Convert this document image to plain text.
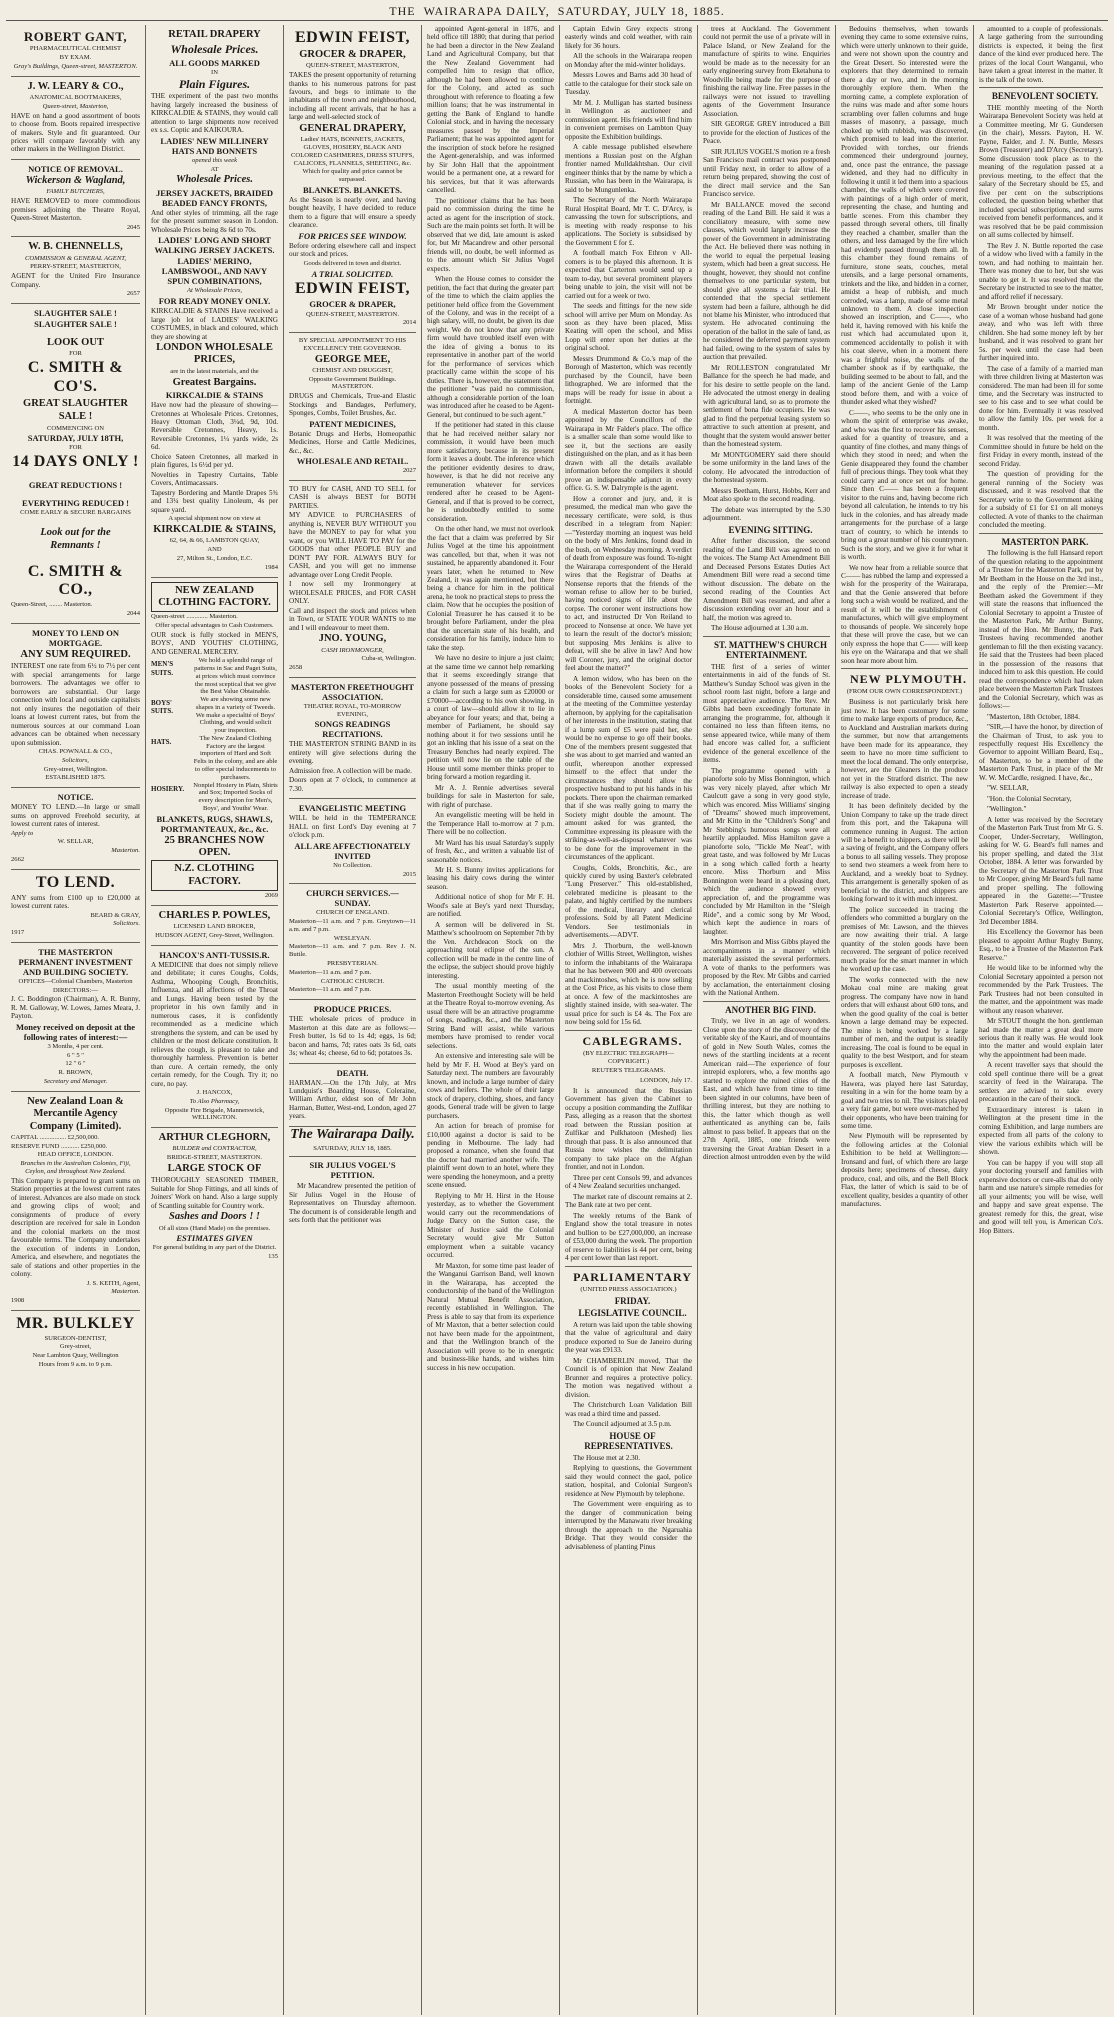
THE WAIRARAPA DAILY, SATURDAY, JULY 18, 1885.

ROBERT GANT,

PHARMACEUTICAL CHEMIST

BY EXAM.

Gray's Buildings, Queen-street, MASTERTON.

J. W. LEARY & CO.,

ANATOMICAL BOOTMAKERS,

Queen-street, Masterton,

HAVE on hand a good assortment of boots to choose from. Boots repaired irrespective of makers. Style and fit guaranteed. Our prices will compare favorably with any other makers in the Wellington District.

NOTICE OF REMOVAL.

Wickerson & Wagland,

FAMILY BUTCHERS,

HAVE REMOVED to more commodious premises adjoining the Theatre Royal, Queen-Street Masterton.

2045

W. B. CHENNELLS,

COMMISSION & GENERAL AGENT,

PERRY-STREET, MASTERTON,

AGENT for the United Fire Insurance Company.

2657

SLAUGHTER SALE !

SLAUGHTER SALE !

LOOK OUT

FOR

C. SMITH & CO'S.

GREAT SLAUGHTER

SALE !

COMMENCING ON

SATURDAY, JULY 18TH,

FOR

14 DAYS ONLY !

GREAT REDUCTIONS !

EVERYTHING REDUCED !

COME EARLY & SECURE BARGAINS

Look out for the

Remnants !

C. SMITH & CO.,

Queen-Street, ........ Masterton.

2044

MONEY TO LEND ON MORTGAGE.

ANY SUM REQUIRED.

INTEREST one rate from 6½ to 7½ per cent with special arrangements for large borrowers. The advantages we offer to borrowers are substantial. Our large connection with local and outside capitalists not only insures the negotiation of their loans at lowest current rates, but from the numerous sources at our command Loan advances can be obtained when necessary upon submission.

CHAS. POWNALL & CO.,

Solicitors,

Grey-street, Wellington.

ESTABLISHED 1875.

NOTICE.

MONEY TO LEND.—In large or small sums on approved Freehold security, at lowest current rates of interest.

Apply to

W. SELLAR,

Masterton.

2662

TO LEND.

ANY sums from £100 up to £20,000 at lowest current rates.

BEARD & GRAY,

Solicitors.

1917

THE MASTERTON PERMANENT INVESTMENT AND BUILDING SOCIETY.

OFFICES—Colonial Chambers, Masterton

DIRECTORS:—

J. C. Boddington (Chairman), A. R. Bunny, R. M. Galloway, W. Lowes, James Meara, J. Payton.

Money received on deposit at the following rates of interest:—

3 Months, 4 per cent.

6 " 5 "

12 " 6 "

R. BROWN,

Secretary and Manager.

New Zealand Loan & Mercantile Agency Company (Limited).

CAPITAL ................ £2,500,000.

RESERVE FUND ........... £250,000.

HEAD OFFICE, LONDON.

Branches in the Australian Colonies, Fiji, Ceylon, and throughout New Zealand.

This Company is prepared to grant sums on Station properties at the lowest current rates of interest. Advances are also made on stock and growing clips of wool; and consignments of produce of every description are received for sale in London and the colonial markets on the most favourable terms. The Company undertakes the execution of indents in London, America, and elsewhere, and negotiates the sale of stations and other properties in the colony.

J. S. KEITH, Agent,

Masterton.

1908

MR. BULKLEY

SURGEON-DENTIST,

Grey-street,

Near Lambton Quay, Wellington

Hours from 9 a.m. to 9 p.m.

RETAIL DRAPERY

Wholesale Prices.

ALL GOODS MARKED

IN

Plain Figures.

THE experiment of the past two months having largely increased the business of KIRKCALDIE & STAINS, they would call attention to large shipments now received ex s.s. Coptic and KAIKOURA.

LADIES' NEW MILLINERY HATS AND BONNETS

opened this week

AT

Wholesale Prices.

JERSEY JACKETS, BRAIDED BEADED FANCY FRONTS,

And other styles of trimming, all the rage for the present summer season in London. Wholesale Prices being 8s 6d to 70s.

LADIES' LONG AND SHORT WALKING JERSEY JACKETS.

LADIES' MERINO, LAMBSWOOL, AND NAVY SPUN COMBINATIONS,

At Wholesale Prices,

FOR READY MONEY ONLY.

KIRKCALDIE & STAINS Have received a large job lot of LADIES' WALKING COSTUMES, in black and coloured, which they are showing at

LONDON WHOLESALE PRICES,

are in the latest materials, and the

Greatest Bargains.

KIRKCALDIE & STAINS

Have now had the pleasure of showing—Cretonnes at Wholesale Prices. Cretonnes, Heavy Ottoman Cloth, 3¼d, 9d, 10d. Reversible Cretonnes, Heavy, 1s. Reversible Cretonnes, 1¼ yards wide, 2s 6d.

Choice Sateen Cretonnes, all marked in plain figures, 1s 6½d per yd.

Novelties in Tapestry Curtains, Table Covers, Antimacassars.

Tapestry Bordering and Mantle Drapes 5¾ and 13¼ best quality Linoleum, 4s per square yard.

A special shipment now on view at

KIRKCALDIE & STAINS,

62, 64, & 66, LAMBTON QUAY,

AND

27, Milton St., London, E.C.

1984

NEW ZEALAND CLOTHING FACTORY.

Queen-street ............. Masterton.

Offer special advantages to Cash Customers.

OUR stock is fully stocked in MEN'S, BOYS', AND YOUTHS' CLOTHING, AND GENERAL MERCERY.

MEN'S SUITS.
We hold a splendid range of patterns in Sac and Paget Suits, at prices which must convince the most sceptical that we give the Best Value Obtainable.
BOYS' SUITS.
We are showing some new shapes in a variety of Tweeds. We make a specialité of Boys' Clothing, and would solicit your inspection.
HATS.	The New Zealand Clothing Factory are the largest importers of Hard and Soft Felts in the colony, and are able to offer special inducements to purchasers.
HOSIERY.	Nonpiel Hosiery in Plain, Shirts and Sox; Imported Socks of every description for Men's, Boys', and Youths' Wear.

BLANKETS, RUGS, SHAWLS, PORTMANTEAUX, &c., &c.

25 BRANCHES NOW OPEN.

N.Z. CLOTHING FACTORY.

2069

CHARLES P. POWLES,

LICENSED LAND BROKER,

HUDSON AGENT, Grey-Street, Wellington.

HANCOX'S ANTI-TUSSIS.R.

A MEDICINE that does not simply relieve and debilitate; it cures Coughs, Colds, Asthma, Whooping Cough, Bronchitis, Influenza, and all affections of the Throat and Lungs. Having been tested by the proprietor in his own family and in numerous cases, it is confidently recommended as a medicine which strengthens the system, and can be used by children or the most delicate constitution. It relieves the cough, is pleasant to take and thoroughly harmless. Prevention is better than cure. A certain remedy, the only certain remedy, for the Cough. Try it; no cure, no pay.

J. HANCOX,

To Also Pharmacy,

Opposite Fire Brigade, Mannerswick, WELLINGTON.

ARTHUR CLEGHORN,

BUILDER and CONTRACTOR,

BRIDGE-STREET, MASTERTON.

LARGE STOCK OF

THOROUGHLY SEASONED TIMBER, Suitable for Shop Fittings, and all kinds of Joiners' Work on hand. Also a large supply of Scantling suitable for Country work.

Sashes and Doors ! !

Of all sizes (Hand Made) on the premises.

ESTIMATES GIVEN

For general building in any part of the District.

135

EDWIN FEIST,

GROCER & DRAPER,

QUEEN-STREET, MASTERTON,

TAKES the present opportunity of returning thanks to his numerous patrons for past favours, and begs to intimate to the inhabitants of the town and neighbourhood, including all recent arrivals, that he has a large and well-selected stock of

GENERAL DRAPERY,

Ladies' HATS, BONNETS, JACKETS, GLOVES, HOSIERY, BLACK AND COLORED CASHMERES, DRESS STUFFS, CALICOES, FLANNELS, SHEETING, &c.

Which for quality and price cannot be surpassed.

BLANKETS. BLANKETS.

As the Season is nearly over, and having bought heavily, I have decided to reduce them to a figure that will ensure a speedy clearance.

FOR PRICES SEE WINDOW.

Before ordering elsewhere call and inspect our stock and prices.

Goods delivered in town and district.

A TRIAL SOLICITED.

EDWIN FEIST,

GROCER & DRAPER,

QUEEN-STREET, MASTERTON.

2014

BY SPECIAL APPOINTMENT TO HIS EX'CELLENCY THE GOVERNOR.

GEORGE MEE,

CHEMIST AND DRUGGIST,

Opposite Government Buildings. MASTERTON.

DRUGS and Chemicals, True-and Elastic Stockings and Bandages, Perfumery, Sponges, Combs, Toilet Brushes, &c.

PATENT MEDICINES,

Botanic Drugs and Herbs, Homeopathic Medicines, Horse and Cattle Medicines, &c., &c.

WHOLESALE AND RETAIL.

2027

TO BUY for CASH, AND TO SELL for CASH is always BEST for BOTH PARTIES.

MY ADVICE to PURCHASERS of anything is, NEVER BUY WITHOUT you have the MONEY to pay for what you want, or you WILL HAVE TO PAY for the GOODS that other PEOPLE BUY and DON'T PAY FOR. ALWAYS BUY for CASH, and you will get no immense advantage over Long Credit People.

I now sell my Ironmongery at WHOLESALE PRICES, and FOR CASH ONLY.

Call and inspect the stock and prices when in Town, or STATE YOUR WANTS to me and I will endeavour to meet them.

JNO. YOUNG,

CASH IRONMONGER,

Cuba-st, Wellington.

2658

MASTERTON FREETHOUGHT ASSOCIATION.

THEATRE ROYAL, TO-MORROW EVENING,

SONGS READINGS RECITATIONS.

THE MASTERTON STRING BAND in its entirety will give selections during the evening.

Admission free. A collection will be made.

Doors open at 7 o'clock, to commence at 7.30.

EVANGELISTIC MEETING

WILL be held in the TEMPERANCE HALL on first Lord's Day evening at 7 o'clock p.m.

ALL ARE AFFECTIONATELY INVITED

No Collection.

2015

CHURCH SERVICES.—SUNDAY.

CHURCH OF ENGLAND.

Masterton—11 a.m. and 7 p.m. Greytown—11 a.m. and 7 p.m.

WESLEYAN.

Masterton—11 a.m. and 7 p.m. Rev J. N. Buttle.

PRESBYTERIAN.

Masterton—11 a.m. and 7 p.m.

CATHOLIC CHURCH.

Masterton—11 a.m. and 7 p.m.

PRODUCE PRICES.

THE wholesale prices of produce in Masterton at this date are as follows:—Fresh butter, 1s 6d to 1s 4d; eggs, 1s 6d; bacon and hams, 7d; rates oats 3s 6d, oats 3s; wheat 4s; cheese, 6d to 6d; potatoes 3s.

DEATH.

HARMAN.—On the 17th July, at Mrs Lundquist's Boarding House, Coleraine, William Arthur, eldest son of Mr John Harman, Butter, West-end, London, aged 27 years.

The Wairarapa Daily.

SATURDAY, JULY 18, 1885.

SIR JULIUS VOGEL'S PETITION.

Mr Macandrew presented the petition of Sir Julius Vogel in the House of Representatives on Thursday afternoon. The document is of considerable length and sets forth that the petitioner was

appointed Agent-general in 1876, and held office till 1880; that during that period he had been a director in the New Zealand Land and Agricultural Company, but that the New Zealand Government had compelled him to resign that office, although he had been allowed to continue for the Colony, and acted as such throughout with reference to floating a few million loans; that he was instrumental in getting the Bank of England to handle Colonial stock, and in having the necessary measures passed by the Imperial Parliament; that he was appointed agent for the inscription of stock before he resigned the Agent-generalship, and was informed by Sir John Hall that the appointment would be a permanent one, at a reward for his services, but that it was afterwards cancelled.

The petitioner claims that he has been paid no commission during the time he acted as agent for the inscription of stock. Such are the main points set forth. It will be observed that we did, late amount is asked for, but Mr Macandrew and other personal friends will, no doubt, be well informed as to the amount which Sir Julius Vogel expects.

When the House comes to consider the petition, the fact that during the greater part of the time to which the claim applies the petitioner held office from the Government of the Colony, and was in the receipt of a high salary, will, no doubt, be given its due weight. We do not know that any private firm would have troubled itself even with the idea of giving a bonus to its representative in another part of the world for the performance of services which practically came within the scope of his duties. There is, however, the statement that the petitioner "was paid no commission, although a considerable portion of the loan was introduced after he ceased to be Agent-General, but continued to be such agent."

If the petitioner had stated in this clause that he had received neither salary nor commission, it would have been much more satisfactory, because in its present form it leaves a doubt. The inference which the petitioner evidently desires to draw, however, is that he did not receive any remuneration whatever for services rendered after he ceased to be Agent-General, and if that is proved to be correct, he is undoubtedly entitled to some consideration.

On the other hand, we must not overlook the fact that a claim was preferred by Sir Julius Vogel at the time his appointment was cancelled, but that, when it was not sustained, he apparently abandoned it. Four years later, when he returned to New Zealand, it was again mentioned, but there being a chance for him in the political arena, he took no practical steps to press the claim. Now that he occupies the position of Colonial Treasurer he has caused it to be brought before Parliament, under the plea that the uncertain state of his health, and consideration for his family, induce him to take the step.

We have no desire to injure a just claim; at the same time we cannot help remarking that it seems exceedingly strange that anyone possessed of the means of pressing a claim for such a large sum as £20000 or £70000—according to his own showing, in a court of law—should allow it to lie in abeyance for four years; and that, being a member of Parliament, he should say nothing about it for two sessions until he got an inkling that his issue of a seat on the Treasury Benches had nearly expired. The petition will now lie on the table of the House until some member thinks proper to bring forward a motion regarding it.

Mr A. J. Rennie advertises several buildings for sale in Masterton for sale, with right of purchase.

An evangelistic meeting will be held in the Temperance Hall to-morrow at 7 p.m. There will be no collection.

Mr Ward has his usual Saturday's supply of fresh, &c., and written a valuable list of seasonable notices.

Mr H. S. Bunny invites applications for leasing his dairy cows during the winter season.

Additional notice of shop for Mr F. H. Wood's sale at Bey's yard next Thursday, are notified.

A sermon will be delivered in St. Matthew's schoolroom on September 7th by the Ven. Archdeacon Stock on the approaching total eclipse of the sun. A collection will be made in the centre line of the eclipse, the subject should prove highly interesting.

The usual monthly meeting of the Masterton Freethought Society will be held at the Theatre Royal to-morrow evening. As usual there will be an attractive programme of songs, readings, &c., and the Masterton String Band will assist, while various members have promised to render vocal selections.

An extensive and interesting sale will be held by Mr F. H. Wood at Bey's yard on Saturday next. The numbers are favourably known, and include a large number of dairy cows and heifers. The whole of their large stock of drapery, clothing, shoes, and fancy goods, General trade will be given to large purchasers.

An action for breach of promise for £10,000 against a doctor is said to be pending in Melbourne. The lady had proposed a romance, when she found that the doctor had married another wife. The plaintiff went down to an hotel, where they were spending the honeymoon, and a pretty scene ensued.

Replying to Mr H. Hirst in the House yesterday, as to whether the Government would carry out the recommendations of Judge Darcy on the Sutton case, the Minister of Justice said the Colonial Secretary would give Mr Sutton employment when a suitable vacancy occurred.

Mr Maxton, for some time past leader of the Wanganui Garrison Band, well known in the Wairarapa, has accepted the conductorship of the band of the Wellington Natural Mutual Benefit Association, recently established in Wellington. The Press is able to say that from its experience of Mr Maxton, that a better selection could not have been made for the appointment, and that the Wellington branch of the Association will prove to be in energetic and business-like hands, and wishes him success in his new occupation.

Captain Edwin Grey expects strong easterly winds and cold weather, with rain likely for 36 hours.

All the schools in the Wairarapa reopen on Monday after the mid-winter holidays.

Messrs Lowes and Barns add 30 head of cattle to the catalogue for their stock sale on Tuesday.

Mr M. J. Mulligan has started business in Wellington as auctioneer and commission agent. His friends will find him in convenient premises on Lambton Quay opposite the Exhibition buildings.

A cable message published elsewhere mentions a Russian post on the Afghan frontier named Mulldakhtshan. Our civil engineer thinks that by the name by which a Russian, who has been in the Wairarapa, is said to be Mungunlenka.

The Secretary of the North Wairarapa Rural Hospital Board, Mr T. C. D'Arcy, is canvassing the town for subscriptions, and is meeting with ready response to his applications. The Society is subsidised by the Government £ for £.

A football match Fox Ethron v All-comers is to be played this afternoon. It is expected that Carterton would send up a team to-day, but several prominent players being unable to join, the visit will not be carried out for a week or two.

The seeds and fittings for the new side school will arrive per Mum on Monday. As soon as they have been placed, Miss Keating will open the school, and Miss Lopp will enter upon her duties at the original school.

Messrs Drummond & Co.'s map of the Borough of Masterton, which was recently purchased by the Council, have been lithographed. We are informed that the maps will be ready for issue in about a fortnight.

A medical Masterton doctor has been appointed by the Councillors of the Wairarapa in Mr Falder's place. The office is a smaller scale than some would like to see it, but the sections are easily distinguished on the plan, and as it has been drawn with all the details available information before the compilers it should prove an indispensable adjunct in every office. G. S. W. Dalrymple is the agent.

How a coroner and jury, and, it is presumed, the medical man who gave the necessary certificate, were sold, is thus described in a telegram from Napier:—"Yesterday morning an inquest was held on the body of Mrs Jenkins, found dead in the bush, on Wednesday morning. A verdict of death from exposure was found. To-night the Wairarapa correspondent of the Herald wires that the Registrar of Deaths at Nonsense reports that the friends of the woman refuse to allow her to be buried, having noticed signs of life about the corpse. The coroner went instructions how to act, and instructed Dr Von Reiland to proceed to Nonsense at once. We have yet to learn the result of the doctor's mission; but supposing Mrs Jenkins is alive to defeat, will she be alive in law? And how will Coroner, jury, and the original doctor feel about the matter?"

A lemon widow, who has been on the books of the Benevolent Society for a considerable time, caused some amusement at the meeting of the Committee yesterday afternoon, by applying for the capitalisation of her interests in the institution, stating that if a lump sum of £5 were paid her, she would be no expense to go off their books. One of the members present suggested that she was about to get married and wanted an outfit, whereupon another expressed himself to the effect that under the circumstances they should allow the prospective husband to put his hands in his pockets. There upon the chairman remarked that if she was really going to marry the Society might double the amount. The amount asked for was granted, the Committee expressing its pleasure with the striking-as-well-as-disposal whatever was to be done for the improvement in the circumstances of the applicant.

Coughs, Colds, Bronchitis, &c., are quickly cured by using Baxter's celebrated "Lung Preserver." This old-established, celebrated medicine is pleasant to the palate, and highly certified by the numbers of the medical, literary and clerical professions. Sold by all Patent Medicine Vendors. See testimonials in advertisements.—ADVT.

Mrs J. Thorburn, the well-known clothier of Willis Street, Wellington, wishes to inform the inhabitants of the Wairarapa that he has between 900 and 400 overcoats and mackintoshes, which he is now selling at the Cost Price, as his visits to close them at once. A few of the mackintoshes are slightly stained inside, with sea-water. The usual price for such is £4 4s. The Fox are now being sold for 15s 6d.

CABLEGRAMS.

(BY ELECTRIC TELEGRAPH—COPYRIGHT.)

REUTER'S TELEGRAMS.

LONDON, July 17.

It is announced that the Russian Government has given the Cabinet to occupy a position commanding the Zulfikar Pass, alleging as a reason that the shortest road between the Russian position at Zulfikar and Pulkhatoon (Meshed) lies through that pass. It is also announced that Russia now wishes the delimitation company to take place on the Afghan frontier, and not in London.

Three per cent Consols 99, and advances of 4 New Zealand securities unchanged.

The market rate of discount remains at 2. The Bank rate at two per cent.

The weekly returns of the Bank of England show the total treasure in notes and bullion to be £27,000,000, an increase of £53,000 during the week. The proportion of reserve to liabilities is 44 per cent, being 4 per cent lower than last report.

PARLIAMENTARY

(UNITED PRESS ASSOCIATION.)

FRIDAY.

LEGISLATIVE COUNCIL.

A return was laid upon the table showing that the value of agricultural and dairy produce exported to Sue de Janeiro during the year was £9133.

Mr CHAMBERLIN moved, That the Council is of opinion that New Zealand Brunner and requires a protective policy. The motion was negatived without a division.

The Christchurch Loan Validation Bill was read a third time and passed.

The Council adjourned at 3.5 p.m.

HOUSE OF REPRESENTATIVES.

The House met at 2.30.

Replying to questions, the Government said they would connect the gaol, police station, hospital, and Colonial Surgeon's residence at New Plymouth by telephone.

The Government were enquiring as to the danger of communication being interrupted by the Manawatu river breaking through the approach to the Ngaruahia Bridge. That they would consider the advisableness of planting Pinus

trees at Auckland. The Government could not permit the use of a private will in Palace Island, or New Zealand for the manufacture of spirits to wine. Enquiries would be made as to the necessity for an early engineering survey from Eketahuna to Woodville being made for the purpose of finishing the railway line. Free passes in the railways were not issued to travelling agents of the Government Insurance Association.

SIR GEORGE GREY introduced a Bill to provide for the election of Justices of the Peace.

SIR JULIUS VOGEL'S motion re a fresh San Francisco mail contract was postponed until Friday next, in order to allow of a return being prepared, showing the cost of the direct mail service and the San Francisco service.

Mr BALLANCE moved the second reading of the Land Bill. He said it was a conciliatory measure, with some new clauses, which would largely increase the power of the Government in administrating the Act. He believed there was nothing in the world to equal the perpetual leasing system, which had been a great success. He thought, however, they should not confine themselves to one particular system, but should give all systems a fair trial. He contended that the special settlement system had been a failure, although he did not blame his Minister, who introduced that system. He advocated continuing the operation of the ballot in the sale of land, as he considered the deferred payment system had failed, owing to the system of sales by auction that prevailed.

Mr ROLLESTON congratulated Mr Ballance for the speech he had made, and for his desire to settle people on the land. He advocated the utmost energy in dealing with agricultural land, so as to promote the settlement of bona fide occupiers. He was glad to find the perpetual leasing system so attractive to such attention at present, and thought that the system would answer better than the homestead system.

Mr MONTGOMERY said there should be some uniformity in the land laws of the colony. He advocated the introduction of the homestead system.

Messrs Beetham, Hurst, Hobbs, Kerr and Moat also spoke to the second reading.

The debate was interrupted by the 5.30 adjournment.

EVENING SITTING.

After further discussion, the second reading of the Land Bill was agreed to on the voices. The Stamp Act Amendment Bill and Deceased Persons Estates Duties Act Amendment Bill were read a second time without discussion. The debate on the second reading of the Counties Act Amendment Bill was resumed, and after a discussion extending over an hour and a half, the motion was agreed to.

The House adjourned at 1.30 a.m.

ST. MATTHEW'S CHURCH ENTERTAINMENT.

THE first of a series of winter entertainments in aid of the funds of St. Matthew's Sunday School was given in the school room last night, before a large and most appreciative audience. The Rev. Mr Gibbs had been exceedingly fortunate in arranging the programme, for, although it contained no less than fifteen items, no sense appeared twice, while many of them had encore was called for, a sufficient evidence of the general excellence of the items.

The programme opened with a pianoforte solo by Miss Bonnington, which was very nicely played, after which Mr Caulcutt gave a song in very good style, which was encored. Miss Williams' singing of "Dreams" showed much improvement, and Mr Kitto in the "Children's Song" and Mr Stebbing's humorous songs were all heartily applauded. Miss Hamilton gave a pianoforte solo, "Tickle Me Neat", with great taste, and was followed by Mr Lucas in a song which called forth a hearty encore. Miss Thorburn and Miss Bonnington were heard in a pleasing duet, which the audience showed every appreciation of, and the programme was concluded by Mr Hamilton in the "Sleigh Ride", and a comic song by Mr Wood, which kept the audience in roars of laughter.

Mrs Morrison and Miss Gibbs played the accompaniments in a manner which materially assisted the several performers. A vote of thanks to the performers was proposed by the Rev. Mr Gibbs and carried by acclamation, the entertainment closing with the National Anthem.

ANOTHER BIG FIND.

Truly, we live in an age of wonders. Close upon the story of the discovery of the veritable sky of the Kauri, and of mountains of gold in New South Wales, comes the news of the startling incidents at a recent American raid—The experience of four intrepid explorers, who, a few months ago started to explore the ruined cities of the East, and which have from time to time been sighted in our columns, have been of thrilling interest, but they are nothing to this, the latter which though as well authenticated as anything can be, fails almost to pass belief. It appears that on the 27th April, 1885, one friends were traversing the Great Arabian Desert in a direction almost untrodden even by the wild

Bedouins themselves, when towards evening they came to some extensive ruins, which were utterly unknown to their guide, and were not shown upon the country and the Great Desert. So interested were the explorers that they determined to remain there a day or two, and in the morning thoroughly explore them. When the morning came, a complete exploration of the ruins was made and after some hours scrambling over fallen columns and huge masses of masonry, a passage, much choked up with rubbish, was discovered, which promised to lead into the interior. Provided with torches, our friends commenced their underground journey, and, once past the entrance, the passage widened, and they had no difficulty in following it until it led them into a spacious chamber, the walls of which were covered with paintings of a high order of merit, representing the chase, and hunting and battle scenes. From this chamber they passed through several others, till finally they reached a chamber, smaller than the others, and less damaged by the fire which had evidently passed through them all. In this chamber they found remains of furniture, stone seats, couches, metal utensils, and a large personal ornaments, trinkets and the like, and hidden in a corner, amidst a heap of rubbish, and much corroded, was a lamp, made of some metal unknown to them. A close inspection showed an inscription, and C——, who held it, having removed with his knife the rust which had accumulated upon it, commenced accidentally to polish it with his coat sleeve, when in a moment there was a frightful noise, the walls of the chamber shook as if by earthquake, the building seemed to be about to fall, and the lamp of the ancient Genie of the Lamp stood before them, and with a voice of thunder asked what they wished?

C——, who seems to be the only one in whom the spirit of enterprise was awake, and who was the first to recover his senses, asked for a quantity of treasure, and a quantity of fine clothes, and many things of which they stood in need; and when the Genie disappeared they found the chamber full of precious things. They took what they could carry and at once set out for home. Since then C—— has been a frequent visitor to the ruins and, having become rich beyond all calculation, he intends to try his luck in the colonies, and has already made arrangements for the purchase of a large tract of country, to which he intends to bring out a great number of his countrymen. Such is the story, and we give it for what it is worth.

We now hear from a reliable source that C—— has rubbed the lamp and expressed a wish for the prosperity of the Wairarapa, and that the Genie answered that before long such a wish would be realized, and the result of it will be the establishment of manufactures, which will give employment to thousands of people. We sincerely hope that these will prove the case, but we can only express the hope that C—— will keep his eye on the Wairarapa and that we shall soon hear more about him.

NEW PLYMOUTH.

(FROM OUR OWN CORRESPONDENT.)

Business is not particularly brisk here just now. It has been customary for some time to make large exports of produce, &c., to Auckland and Australian markets during the summer, but now that arrangements have been made for its appearance, they seem to have no more time sufficient to meet the local demand. The only enterprise, however, are the Gleaners in the produce not yet in the Stratford district. The new railway is also expected to open a steady increase of trade.

It has been definitely decided by the Union Company to take up the trade direct from this port, and the Takapuna will commence running in August. The action will be a benefit to shippers, as there will be a saving of freight, and the Company offers a bonus to all sailing vessels. They propose to send two steamers a week from here to Auckland, and a weekly boat to Sydney. This arrangement is generally spoken of as beneficial to the district, and shippers are looking forward to it with much interest.

The police succeeded in tracing the offenders who committed a burglary on the premises of Mr. Lawson, and the thieves are now awaiting their trial. A large quantity of the stolen goods have been recovered. The sergeant of police received much praise for the smart manner in which he worked up the case.

The works connected with the new Mokau coal mine are making great progress. The company have now in hand orders that will exhaust about 600 tons, and when the good quality of the coal is better known a large demand may be expected. The mine is being worked by a large number of men, and the output is steadily increasing. The coal is found to be equal in quality to the best Westport, and for steam purposes is excellent.

A football match, New Plymouth v Hawera, was played here last Saturday, resulting in a win for the home team by a goal and two tries to nil. The visitors played a very fair game, but were over-matched by their opponents, who have been training for some time.

New Plymouth will be represented by the following articles at the Colonial Exhibition to be held at Wellington:—Ironsand and fuel, of which there are large deposits here; specimens of cheese, dairy produce, coal, and oils, and the Bell Block Flax, the latter of which is said to be of excellent quality, besides a quantity of other manufactures.

amounted to a couple of professionals. A large gathering from the surrounding districts is expected, it being the first dance of the kind ever produced here. The prizes of the local Court Wanganui, who have taken a great interest in the matter. It is the talk of the town.

BENEVOLENT SOCIETY.

THE monthly meeting of the North Wairarapa Benevolent Society was held at a Committee meeting, Mr G. Gundersen (in the chair), Messrs. Payton, H. W. Payne, Falder, and J. N. Buttle, Messrs Brown (Treasurer) and D'Arcy (Secretary). Some discussion took place as to the meaning of the regulation passed at a previous meeting, to the effect that the salary of the Secretary should be £5, and five per cent on the subscriptions collected, the question being whether that included special subscriptions, and sums received from benefit performances, and it was resolved that he be paid commission on all sums collected by himself.

The Rev J. N. Buttle reported the case of a widow who lived with a family in the town, and had nothing to maintain her. There was money due to her, but she was unable to get it. It was resolved that the Secretary be instructed to see to the matter, and afford relief if necessary.

Mr Brown brought under notice the case of a woman whose husband had gone away, and who was left with three children. She had some money left by her husband, and it was resolved to grant her 5s. per week until the case had been further inquired into.

The case of a family of a married man with three children living at Masterton was considered. The man had been ill for some time, and the Secretary was instructed to see to his case and to see what could be done for him. Eventually it was resolved to allow the family 10s. per week for a month.

It was resolved that the meeting of the Committee should in future be held on the first Friday in every month, instead of the second Friday.

The question of providing for the general running of the Society was discussed, and it was resolved that the Secretary write to the Government asking for a subsidy of £1 for £1 on all moneys collected. A vote of thanks to the chairman concluded the meeting.

MASTERTON PARK.

The following is the full Hansard report of the question relating to the appointment of a Trustee for the Masterton Park, put by Mr Beetham in the House on the 3rd inst., and the reply of the Premier:—Mr Beetham asked the Government if they will state the reasons that influenced the Colonial Secretary to appoint a Trustee of the Masterton Park, Mr Arthur Bunny, instead of the Hon. Mr Bunny, the Park Trustees having recommended another gentleman to fill the then existing vacancy. He said that the Trustees had been placed in the possession of the reasons that induced him to ask this question. He could read the correspondence which had taken place between the Masterton Park Trustees and the Colonial Secretary, which was as follows:—

"Masterton, 18th October, 1884.

"SIR,—I have the honor, by direction of the Chairman of Trust, to ask you to respectfully request His Excellency the Governor to appoint William Beard, Esq., of Masterton, to be a member of the Masterton Park Trust, in place of the Mr W. W. McCardle, resigned. I have, &c.,

"W. SELLAR,

"Hon. the Colonial Secretary,

"Wellington."

A letter was received by the Secretary of the Masterton Park Trust from Mr G. S. Cooper, Under-Secretary, Wellington, asking for W. G. Beard's full names and his proper spelling, and dated the 31st October, 1884. A letter was forwarded by the Secretary of the Masterton Park Trust to Mr Cooper, giving Mr Beard's full name and proper spelling. The following appeared in the Gazette:—"Trustee Masterton Park Reserve appointed.—Colonial Secretary's Office, Wellington, 3rd December 1884.

His Excellency the Governor has been pleased to appoint Arthur Rugby Bunny, Esq., to be a Trustee of the Masterton Park Reserve."

He would like to be informed why the Colonial Secretary appointed a person not recommended by the Park Trustees. The Park Trustees had not been consulted in the matter, and the appointment was made without any reason whatever.

Mr STOUT thought the hon. gentleman had made the matter a great deal more serious than it really was. He would look into the matter and would explain later why the appointment had been made.

A recent traveller says that should the cold spell continue there will be a great scarcity of feed in the Wairarapa. The settlers are advised to take every precaution in the care of their stock.

Extraordinary interest is taken in Wellington at the present time in the coming Exhibition, and large numbers are expected from all parts of the colony to view the various exhibits which will be shown.

You can be happy if you will stop all your doctoring yourself and families with expensive doctors or cure-alls that do only harm and use nature's simple remedies for all your ailments; you will be wise, well and happy and save great expense. The greatest remedy for this, the great, wise and good will tell you, is American Co's. Hop Bitters.
